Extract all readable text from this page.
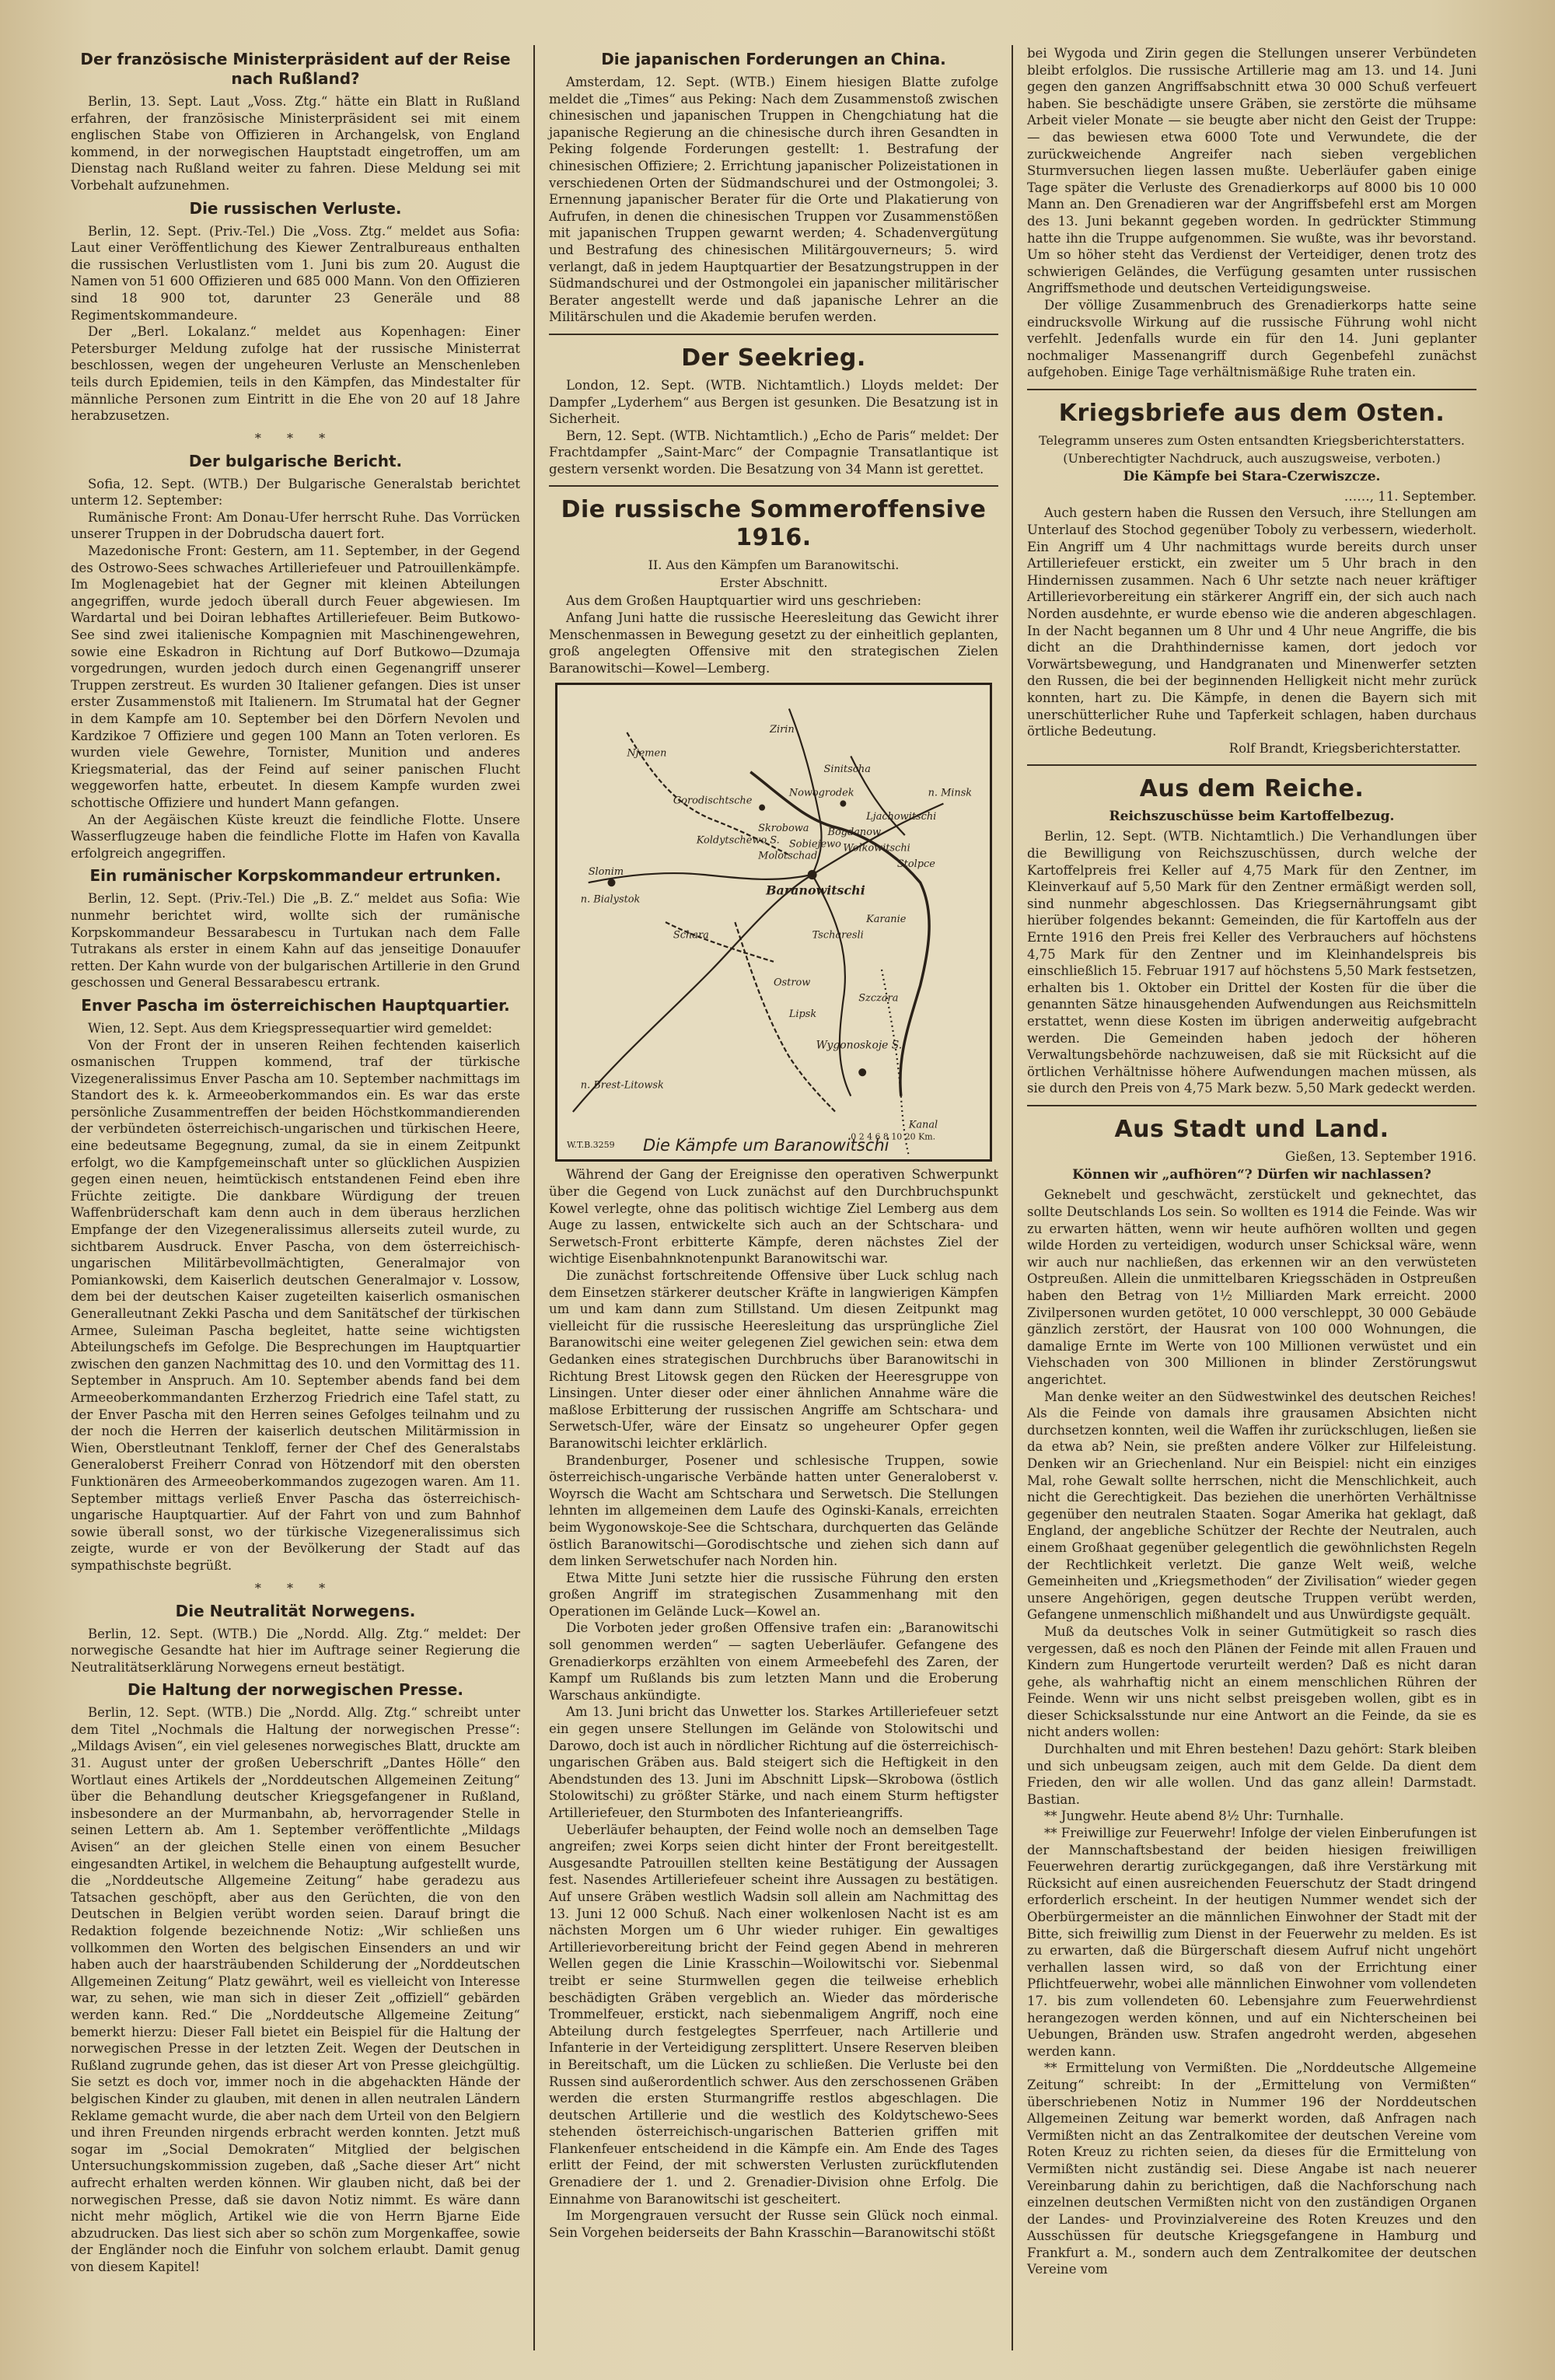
Der französische Ministerpräsident auf der Reise nach Rußland?

Berlin, 13. Sept. Laut „Voss. Ztg.“ hätte ein Blatt in Rußland erfahren, der französische Ministerpräsident sei mit einem englischen Stabe von Offizieren in Archangelsk, von England kommend, in der norwegischen Hauptstadt eingetroffen, um am Dienstag nach Rußland weiter zu fahren. Diese Meldung sei mit Vorbehalt aufzunehmen.

Die russischen Verluste.

Berlin, 12. Sept. (Priv.-Tel.) Die „Voss. Ztg.“ meldet aus Sofia: Laut einer Veröffentlichung des Kiewer Zentralbureaus enthalten die russischen Verlustlisten vom 1. Juni bis zum 20. August die Namen von 51 600 Offizieren und 685 000 Mann. Von den Offizieren sind 18 900 tot, darunter 23 Generäle und 88 Regimentskommandeure.

Der „Berl. Lokalanz.“ meldet aus Kopenhagen: Einer Petersburger Meldung zufolge hat der russische Ministerrat beschlossen, wegen der ungeheuren Verluste an Menschenleben teils durch Epidemien, teils in den Kämpfen, das Mindestalter für männliche Personen zum Eintritt in die Ehe von 20 auf 18 Jahre herabzusetzen.

* * *
Der bulgarische Bericht.

Sofia, 12. Sept. (WTB.) Der Bulgarische Generalstab berichtet unterm 12. September:

Rumänische Front: Am Donau-Ufer herrscht Ruhe. Das Vorrücken unserer Truppen in der Dobrudscha dauert fort.

Mazedonische Front: Gestern, am 11. September, in der Gegend des Ostrowo-Sees schwaches Artilleriefeuer und Patrouillenkämpfe. Im Moglenagebiet hat der Gegner mit kleinen Abteilungen angegriffen, wurde jedoch überall durch Feuer abgewiesen. Im Wardartal und bei Doiran lebhaftes Artilleriefeuer. Beim Butkowo-See sind zwei italienische Kompagnien mit Maschinengewehren, sowie eine Eskadron in Richtung auf Dorf Butkowo—Dzumaja vorgedrungen, wurden jedoch durch einen Gegenangriff unserer Truppen zerstreut. Es wurden 30 Italiener gefangen. Dies ist unser erster Zusammenstoß mit Italienern. Im Strumatal hat der Gegner in dem Kampfe am 10. September bei den Dörfern Nevolen und Kardzikoe 7 Offiziere und gegen 100 Mann an Toten verloren. Es wurden viele Gewehre, Tornister, Munition und anderes Kriegsmaterial, das der Feind auf seiner panischen Flucht weggeworfen hatte, erbeutet. In diesem Kampfe wurden zwei schottische Offiziere und hundert Mann gefangen.

An der Aegäischen Küste kreuzt die feindliche Flotte. Unsere Wasserflugzeuge haben die feindliche Flotte im Hafen von Kavalla erfolgreich angegriffen.

Ein rumänischer Korpskommandeur ertrunken.

Berlin, 12. Sept. (Priv.-Tel.) Die „B. Z.“ meldet aus Sofia: Wie nunmehr berichtet wird, wollte sich der rumänische Korpskommandeur Bessarabescu in Turtukan nach dem Falle Tutrakans als erster in einem Kahn auf das jenseitige Donauufer retten. Der Kahn wurde von der bulgarischen Artillerie in den Grund geschossen und General Bessarabescu ertrank.

Enver Pascha im österreichischen Hauptquartier.

Wien, 12. Sept. Aus dem Kriegspressequartier wird gemeldet:

Von der Front der in unseren Reihen fechtenden kaiserlich osmanischen Truppen kommend, traf der türkische Vizegeneralissimus Enver Pascha am 10. September nachmittags im Standort des k. k. Armeeoberkommandos ein. Es war das erste persönliche Zusammentreffen der beiden Höchstkommandierenden der verbündeten österreichisch-ungarischen und türkischen Heere, eine bedeutsame Begegnung, zumal, da sie in einem Zeitpunkt erfolgt, wo die Kampfgemeinschaft unter so glücklichen Auspizien gegen einen neuen, heimtückisch entstandenen Feind eben ihre Früchte zeitigte. Die dankbare Würdigung der treuen Waffenbrüderschaft kam denn auch in dem überaus herzlichen Empfange der den Vizegeneralissimus allerseits zuteil wurde, zu sichtbarem Ausdruck. Enver Pascha, von dem österreichisch-ungarischen Militärbevollmächtigten, Generalmajor von Pomiankowski, dem Kaiserlich deutschen Generalmajor v. Lossow, dem bei der deutschen Kaiser zugeteilten kaiserlich osmanischen Generalleutnant Zekki Pascha und dem Sanitätschef der türkischen Armee, Suleiman Pascha begleitet, hatte seine wichtigsten Abteilungschefs im Gefolge. Die Besprechungen im Hauptquartier zwischen den ganzen Nachmittag des 10. und den Vormittag des 11. September in Anspruch. Am 10. September abends fand bei dem Armeeoberkommandanten Erzherzog Friedrich eine Tafel statt, zu der Enver Pascha mit den Herren seines Gefolges teilnahm und zu der noch die Herren der kaiserlich deutschen Militärmission in Wien, Oberstleutnant Tenkloff, ferner der Chef des Generalstabs Generaloberst Freiherr Conrad von Hötzendorf mit den obersten Funktionären des Armeeoberkommandos zugezogen waren. Am 11. September mittags verließ Enver Pascha das österreichisch-ungarische Hauptquartier. Auf der Fahrt von und zum Bahnhof sowie überall sonst, wo der türkische Vizegeneralissimus sich zeigte, wurde er von der Bevölkerung der Stadt auf das sympathischste begrüßt.

* * *
Die Neutralität Norwegens.

Berlin, 12. Sept. (WTB.) Die „Nordd. Allg. Ztg.“ meldet: Der norwegische Gesandte hat hier im Auftrage seiner Regierung die Neutralitätserklärung Norwegens erneut bestätigt.

Die Haltung der norwegischen Presse.

Berlin, 12. Sept. (WTB.) Die „Nordd. Allg. Ztg.“ schreibt unter dem Titel „Nochmals die Haltung der norwegischen Presse“: „Mildags Avisen“, ein viel gelesenes norwegisches Blatt, druckte am 31. August unter der großen Ueberschrift „Dantes Hölle“ den Wortlaut eines Artikels der „Norddeutschen Allgemeinen Zeitung“ über die Behandlung deutscher Kriegsgefangener in Rußland, insbesondere an der Murmanbahn, ab, hervorragender Stelle in seinen Lettern ab. Am 1. September veröffentlichte „Mildags Avisen“ an der gleichen Stelle einen von einem Besucher eingesandten Artikel, in welchem die Behauptung aufgestellt wurde, die „Norddeutsche Allgemeine Zeitung“ habe geradezu aus Tatsachen geschöpft, aber aus den Gerüchten, die von den Deutschen in Belgien verübt worden seien. Darauf bringt die Redaktion folgende bezeichnende Notiz: „Wir schließen uns vollkommen den Worten des belgischen Einsenders an und wir haben auch der haarsträubenden Schilderung der „Norddeutschen Allgemeinen Zeitung“ Platz gewährt, weil es vielleicht von Interesse war, zu sehen, wie man sich in dieser Zeit „offiziell“ gebärden werden kann. Red.“ Die „Norddeutsche Allgemeine Zeitung“ bemerkt hierzu: Dieser Fall bietet ein Beispiel für die Haltung der norwegischen Presse in der letzten Zeit. Wegen der Deutschen in Rußland zugrunde gehen, das ist dieser Art von Presse gleichgültig. Sie setzt es doch vor, immer noch in die abgehackten Hände der belgischen Kinder zu glauben, mit denen in allen neutralen Ländern Reklame gemacht wurde, die aber nach dem Urteil von den Belgiern und ihren Freunden nirgends erbracht werden konnten. Jetzt muß sogar im „Social Demokraten“ Mitglied der belgischen Untersuchungskommission zugeben, daß „Sache dieser Art“ nicht aufrecht erhalten werden können. Wir glauben nicht, daß bei der norwegischen Presse, daß sie davon Notiz nimmt. Es wäre dann nicht mehr möglich, Artikel wie die von Herrn Bjarne Eide abzudrucken. Das liest sich aber so schön zum Morgenkaffee, sowie der Engländer noch die Einfuhr von solchem erlaubt. Damit genug von diesem Kapitel!

Die japanischen Forderungen an China.

Amsterdam, 12. Sept. (WTB.) Einem hiesigen Blatte zufolge meldet die „Times“ aus Peking: Nach dem Zusammenstoß zwischen chinesischen und japanischen Truppen in Chengchiatung hat die japanische Regierung an die chinesische durch ihren Gesandten in Peking folgende Forderungen gestellt: 1. Bestrafung der chinesischen Offiziere; 2. Errichtung japanischer Polizeistationen in verschiedenen Orten der Südmandschurei und der Ostmongolei; 3. Ernennung japanischer Berater für die Orte und Plakatierung von Aufrufen, in denen die chinesischen Truppen vor Zusammenstößen mit japanischen Truppen gewarnt werden; 4. Schadenvergütung und Bestrafung des chinesischen Militärgouverneurs; 5. wird verlangt, daß in jedem Hauptquartier der Besatzungstruppen in der Südmandschurei und der Ostmongolei ein japanischer militärischer Berater angestellt werde und daß japanische Lehrer an die Militärschulen und die Akademie berufen werden.

Der Seekrieg.

London, 12. Sept. (WTB. Nichtamtlich.) Lloyds meldet: Der Dampfer „Lyderhem“ aus Bergen ist gesunken. Die Besatzung ist in Sicherheit.

Bern, 12. Sept. (WTB. Nichtamtlich.) „Echo de Paris“ meldet: Der Frachtdampfer „Saint-Marc“ der Compagnie Transatlantique ist gestern versenkt worden. Die Besatzung von 34 Mann ist gerettet.

Die russische Sommeroffensive 1916.
II. Aus den Kämpfen um Baranowitschi.
Erster Abschnitt.

Aus dem Großen Hauptquartier wird uns geschrieben:

Anfang Juni hatte die russische Heeresleitung das Gewicht ihrer Menschenmassen in Bewegung gesetzt zu der einheitlich geplanten, groß angelegten Offensive mit den strategischen Zielen Baranowitschi—Kowel—Lemberg.

Zirin
Gorodischtsche
Nowogrodek
Koldytschewo S.
Baranowitschi
Slonim
n. Bialystok
Wygonoskoje S.
Skrobowa
Ljachowitschi
Molotschad
n. Brest-Litowsk
Schara
Ostrow
Lipsk
Szczara
Kanal
n. Minsk
Stolpce
Karanie
Sinitscha
Njemen
Bogdanow
Sobiejewo Wolkowitschi
Tscharesli
0 2 4 6 8 10 20 Km.
W.T.B.3259 Die Kämpfe um Baranowitschi

Während der Gang der Ereignisse den operativen Schwerpunkt über die Gegend von Luck zunächst auf den Durchbruchspunkt Kowel verlegte, ohne das politisch wichtige Ziel Lemberg aus dem Auge zu lassen, entwickelte sich auch an der Schtschara- und Serwetsch-Front erbitterte Kämpfe, deren nächstes Ziel der wichtige Eisenbahnknotenpunkt Baranowitschi war.

Die zunächst fortschreitende Offensive über Luck schlug nach dem Einsetzen stärkerer deutscher Kräfte in langwierigen Kämpfen um und kam dann zum Stillstand. Um diesen Zeitpunkt mag vielleicht für die russische Heeresleitung das ursprüngliche Ziel Baranowitschi eine weiter gelegenen Ziel gewichen sein: etwa dem Gedanken eines strategischen Durchbruchs über Baranowitschi in Richtung Brest Litowsk gegen den Rücken der Heeresgruppe von Linsingen. Unter dieser oder einer ähnlichen Annahme wäre die maßlose Erbitterung der russischen Angriffe am Schtschara- und Serwetsch-Ufer, wäre der Einsatz so ungeheurer Opfer gegen Baranowitschi leichter erklärlich.

Brandenburger, Posener und schlesische Truppen, sowie österreichisch-ungarische Verbände hatten unter Generaloberst v. Woyrsch die Wacht am Schtschara und Serwetsch. Die Stellungen lehnten im allgemeinen dem Laufe des Oginski-Kanals, erreichten beim Wygonowskoje-See die Schtschara, durchquerten das Gelände östlich Baranowitschi—Gorodischtsche und ziehen sich dann auf dem linken Serwetschufer nach Norden hin.

Etwa Mitte Juni setzte hier die russische Führung den ersten großen Angriff im strategischen Zusammenhang mit den Operationen im Gelände Luck—Kowel an.

Die Vorboten jeder großen Offensive trafen ein: „Baranowitschi soll genommen werden“ — sagten Ueberläufer. Gefangene des Grenadierkorps erzählten von einem Armeebefehl des Zaren, der Kampf um Rußlands bis zum letzten Mann und die Eroberung Warschaus ankündigte.

Am 13. Juni bricht das Unwetter los. Starkes Artilleriefeuer setzt ein gegen unsere Stellungen im Gelände von Stolowitschi und Darowo, doch ist auch in nördlicher Richtung auf die österreichisch-ungarischen Gräben aus. Bald steigert sich die Heftigkeit in den Abendstunden des 13. Juni im Abschnitt Lipsk—Skrobowa (östlich Stolowitschi) zu größter Stärke, und nach einem Sturm heftigster Artilleriefeuer, den Sturmboten des Infanterieangriffs.

Ueberläufer behaupten, der Feind wolle noch an demselben Tage angreifen; zwei Korps seien dicht hinter der Front bereitgestellt. Ausgesandte Patrouillen stellten keine Bestätigung der Aussagen fest. Nasendes Artilleriefeuer scheint ihre Aussagen zu bestätigen. Auf unsere Gräben westlich Wadsin soll allein am Nachmittag des 13. Juni 12 000 Schuß. Nach einer wolkenlosen Nacht ist es am nächsten Morgen um 6 Uhr wieder ruhiger. Ein gewaltiges Artillerievorbereitung bricht der Feind gegen Abend in mehreren Wellen gegen die Linie Krasschin—Woilowitschi vor. Siebenmal treibt er seine Sturmwellen gegen die teilweise erheblich beschädigten Gräben vergeblich an. Wieder das mörderische Trommelfeuer, erstickt, nach siebenmaligem Angriff, noch eine Abteilung durch festgelegtes Sperrfeuer, nach Artillerie und Infanterie in der Verteidigung zersplittert. Unsere Reserven bleiben in Bereitschaft, um die Lücken zu schließen. Die Verluste bei den Russen sind außerordentlich schwer. Aus den zerschossenen Gräben werden die ersten Sturmangriffe restlos abgeschlagen. Die deutschen Artillerie und die westlich des Koldytschewo-Sees stehenden österreichisch-ungarischen Batterien griffen mit Flankenfeuer entscheidend in die Kämpfe ein. Am Ende des Tages erlitt der Feind, der mit schwersten Verlusten zurückflutenden Grenadiere der 1. und 2. Grenadier-Division ohne Erfolg. Die Einnahme von Baranowitschi ist gescheitert.

Im Morgengrauen versucht der Russe sein Glück noch einmal. Sein Vorgehen beiderseits der Bahn Krasschin—Baranowitschi stößt

bei Wygoda und Zirin gegen die Stellungen unserer Verbündeten bleibt erfolglos. Die russische Artillerie mag am 13. und 14. Juni gegen den ganzen Angriffsabschnitt etwa 30 000 Schuß verfeuert haben. Sie beschädigte unsere Gräben, sie zerstörte die mühsame Arbeit vieler Monate — sie beugte aber nicht den Geist der Truppe: — das bewiesen etwa 6000 Tote und Verwundete, die der zurückweichende Angreifer nach sieben vergeblichen Sturmversuchen liegen lassen mußte. Ueberläufer gaben einige Tage später die Verluste des Grenadierkorps auf 8000 bis 10 000 Mann an. Den Grenadieren war der Angriffsbefehl erst am Morgen des 13. Juni bekannt gegeben worden. In gedrückter Stimmung hatte ihn die Truppe aufgenommen. Sie wußte, was ihr bevorstand. Um so höher steht das Verdienst der Verteidiger, denen trotz des schwierigen Geländes, die Verfügung gesamten unter russischen Angriffsmethode und deutschen Verteidigungsweise.

Der völlige Zusammenbruch des Grenadierkorps hatte seine eindrucksvolle Wirkung auf die russische Führung wohl nicht verfehlt. Jedenfalls wurde ein für den 14. Juni geplanter nochmaliger Massenangriff durch Gegenbefehl zunächst aufgehoben. Einige Tage verhältnismäßige Ruhe traten ein.

Kriegsbriefe aus dem Osten.
Telegramm unseres zum Osten entsandten Kriegsberichterstatters.
(Unberechtigter Nachdruck, auch auszugsweise, verboten.)
Die Kämpfe bei Stara-Czerwiszcze.
……, 11. September.

Auch gestern haben die Russen den Versuch, ihre Stellungen am Unterlauf des Stochod gegenüber Toboly zu verbessern, wiederholt. Ein Angriff um 4 Uhr nachmittags wurde bereits durch unser Artilleriefeuer erstickt, ein zweiter um 5 Uhr brach in den Hindernissen zusammen. Nach 6 Uhr setzte nach neuer kräftiger Artillerievorbereitung ein stärkerer Angriff ein, der sich auch nach Norden ausdehnte, er wurde ebenso wie die anderen abgeschlagen. In der Nacht begannen um 8 Uhr und 4 Uhr neue Angriffe, die bis dicht an die Drahthindernisse kamen, dort jedoch vor Vorwärtsbewegung, und Handgranaten und Minenwerfer setzten den Russen, die bei der beginnenden Helligkeit nicht mehr zurück konnten, hart zu. Die Kämpfe, in denen die Bayern sich mit unerschütterlicher Ruhe und Tapferkeit schlagen, haben durchaus örtliche Bedeutung.

Rolf Brandt, Kriegsberichterstatter.
Aus dem Reiche.
Reichszuschüsse beim Kartoffelbezug.

Berlin, 12. Sept. (WTB. Nichtamtlich.) Die Verhandlungen über die Bewilligung von Reichszuschüssen, durch welche der Kartoffelpreis frei Keller auf 4,75 Mark für den Zentner, im Kleinverkauf auf 5,50 Mark für den Zentner ermäßigt werden soll, sind nunmehr abgeschlossen. Das Kriegsernährungsamt gibt hierüber folgendes bekannt: Gemeinden, die für Kartoffeln aus der Ernte 1916 den Preis frei Keller des Verbrauchers auf höchstens 4,75 Mark für den Zentner und im Kleinhandelspreis bis einschließlich 15. Februar 1917 auf höchstens 5,50 Mark festsetzen, erhalten bis 1. Oktober ein Drittel der Kosten für die über die genannten Sätze hinausgehenden Aufwendungen aus Reichsmitteln erstattet, wenn diese Kosten im übrigen anderweitig aufgebracht werden. Die Gemeinden haben jedoch der höheren Verwaltungsbehörde nachzuweisen, daß sie mit Rücksicht auf die örtlichen Verhältnisse höhere Aufwendungen machen müssen, als sie durch den Preis von 4,75 Mark bezw. 5,50 Mark gedeckt werden.

Aus Stadt und Land.
Gießen, 13. September 1916.
Können wir „aufhören“? Dürfen wir nachlassen?

Geknebelt und geschwächt, zerstückelt und geknechtet, das sollte Deutschlands Los sein. So wollten es 1914 die Feinde. Was wir zu erwarten hätten, wenn wir heute aufhören wollten und gegen wilde Horden zu verteidigen, wodurch unser Schicksal wäre, wenn wir auch nur nachließen, das erkennen wir an den verwüsteten Ostpreußen. Allein die unmittelbaren Kriegsschäden in Ostpreußen haben den Betrag von 1½ Milliarden Mark erreicht. 2000 Zivilpersonen wurden getötet, 10 000 verschleppt, 30 000 Gebäude gänzlich zerstört, der Hausrat von 100 000 Wohnungen, die damalige Ernte im Werte von 100 Millionen verwüstet und ein Viehschaden von 300 Millionen in blinder Zerstörungswut angerichtet.

Man denke weiter an den Südwestwinkel des deutschen Reiches! Als die Feinde von damals ihre grausamen Absichten nicht durchsetzen konnten, weil die Waffen ihr zurückschlugen, ließen sie da etwa ab? Nein, sie preßten andere Völker zur Hilfeleistung. Denken wir an Griechenland. Nur ein Beispiel: nicht ein einziges Mal, rohe Gewalt sollte herrschen, nicht die Menschlichkeit, auch nicht die Gerechtigkeit. Das beziehen die unerhörten Verhältnisse gegenüber den neutralen Staaten. Sogar Amerika hat geklagt, daß England, der angebliche Schützer der Rechte der Neutralen, auch einem Großhaat gegenüber gelegentlich die gewöhnlichsten Regeln der Rechtlichkeit verletzt. Die ganze Welt weiß, welche Gemeinheiten und „Kriegsmethoden“ der Zivilisation“ wieder gegen unsere Angehörigen, gegen deutsche Truppen verübt werden, Gefangene unmenschlich mißhandelt und aus Unwürdigste gequält.

Muß da deutsches Volk in seiner Gutmütigkeit so rasch dies vergessen, daß es noch den Plänen der Feinde mit allen Frauen und Kindern zum Hungertode verurteilt werden? Daß es nicht daran gehe, als wahrhaftig nicht an einem menschlichen Rühren der Feinde. Wenn wir uns nicht selbst preisgeben wollen, gibt es in dieser Schicksalsstunde nur eine Antwort an die Feinde, da sie es nicht anders wollen:

Durchhalten und mit Ehren bestehen! Dazu gehört: Stark bleiben und sich unbeugsam zeigen, auch mit dem Gelde. Da dient dem Frieden, den wir alle wollen. Und das ganz allein! Darmstadt. Bastian.

** Jungwehr. Heute abend 8½ Uhr: Turnhalle.

** Freiwillige zur Feuerwehr! Infolge der vielen Einberufungen ist der Mannschaftsbestand der beiden hiesigen freiwilligen Feuerwehren derartig zurückgegangen, daß ihre Verstärkung mit Rücksicht auf einen ausreichenden Feuerschutz der Stadt dringend erforderlich erscheint. In der heutigen Nummer wendet sich der Oberbürgermeister an die männlichen Einwohner der Stadt mit der Bitte, sich freiwillig zum Dienst in der Feuerwehr zu melden. Es ist zu erwarten, daß die Bürgerschaft diesem Aufruf nicht ungehört verhallen lassen wird, so daß von der Errichtung einer Pflichtfeuerwehr, wobei alle männlichen Einwohner vom vollendeten 17. bis zum vollendeten 60. Lebensjahre zum Feuerwehrdienst herangezogen werden können, und auf ein Nichterscheinen bei Uebungen, Bränden usw. Strafen angedroht werden, abgesehen werden kann.

** Ermittelung von Vermißten. Die „Norddeutsche Allgemeine Zeitung“ schreibt: In der „Ermittelung von Vermißten“ überschriebenen Notiz in Nummer 196 der Norddeutschen Allgemeinen Zeitung war bemerkt worden, daß Anfragen nach Vermißten nicht an das Zentralkomitee der deutschen Vereine vom Roten Kreuz zu richten seien, da dieses für die Ermittelung von Vermißten nicht zuständig sei. Diese Angabe ist nach neuerer Vereinbarung dahin zu berichtigen, daß die Nachforschung nach einzelnen deutschen Vermißten nicht von den zuständigen Organen der Landes- und Provinzialvereine des Roten Kreuzes und den Ausschüssen für deutsche Kriegsgefangene in Hamburg und Frankfurt a. M., sondern auch dem Zentralkomitee der deutschen Vereine vom
